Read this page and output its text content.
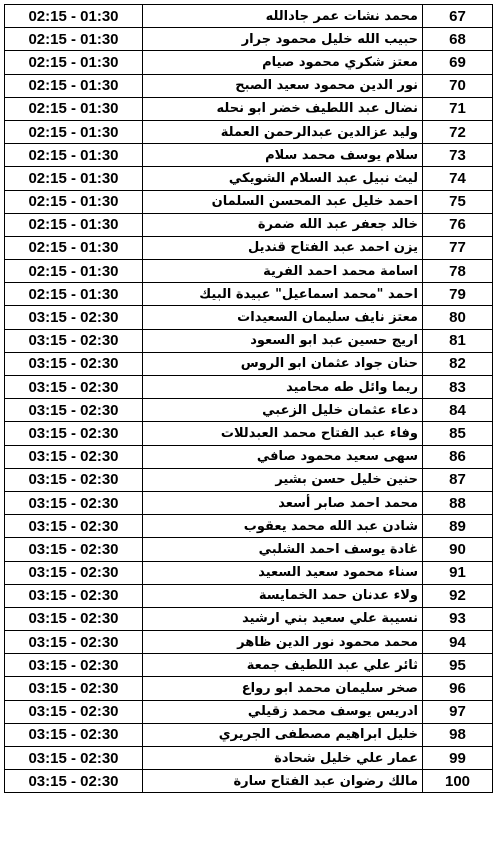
02:15 - 01:30	محمد نشات عمر جادالله	67
02:15 - 01:30	حبيب الله خليل محمود جرار	68
02:15 - 01:30	معتز شكري محمود صيام	69
02:15 - 01:30	نور الدين محمود سعيد الصبح	70
02:15 - 01:30	نضال عبد اللطيف خضر ابو نحله	71
02:15 - 01:30	وليد عزالدين عبدالرحمن العملة	72
02:15 - 01:30	سلام يوسف محمد سلام	73
02:15 - 01:30	ليث نبيل عبد السلام الشويكي	74
02:15 - 01:30	احمد خليل عبد المحسن السلمان	75
02:15 - 01:30	خالد جعفر عبد الله ضمرة	76
02:15 - 01:30	يزن احمد عبد الفتاح قنديل	77
02:15 - 01:30	اسامة محمد احمد الفرية	78
02:15 - 01:30	احمد "محمد اسماعيل" عبيدة البيك	79
03:15 - 02:30	معتز نايف سليمان السعيدات	80
03:15 - 02:30	اريج حسين عبد ابو السعود	81
03:15 - 02:30	حنان جواد عثمان ابو الروس	82
03:15 - 02:30	ريما وائل طه محاميد	83
03:15 - 02:30	دعاء عثمان خليل الزعبي	84
03:15 - 02:30	وفاء عبد الفتاح محمد العبدللات	85
03:15 - 02:30	سهى سعيد محمود صافي	86
03:15 - 02:30	حنين خليل حسن بشير	87
03:15 - 02:30	محمد احمد صابر أسعد	88
03:15 - 02:30	شادن عبد الله محمد يعقوب	89
03:15 - 02:30	غادة يوسف احمد الشلبي	90
03:15 - 02:30	سناء محمود سعيد السعيد	91
03:15 - 02:30	ولاء عدنان حمد الخمايسة	92
03:15 - 02:30	نسيبة علي سعيد بني ارشيد	93
03:15 - 02:30	محمد محمود نور الدين ظاهر	94
03:15 - 02:30	ثائر علي عبد اللطيف جمعة	95
03:15 - 02:30	صخر سليمان محمد ابو رواع	96
03:15 - 02:30	ادريس يوسف محمد زقيلي	97
03:15 - 02:30	خليل ابراهيم مصطفى الجريري	98
03:15 - 02:30	عمار علي خليل شحادة	99
03:15 - 02:30	مالك رضوان عبد الفتاح سارة	100
